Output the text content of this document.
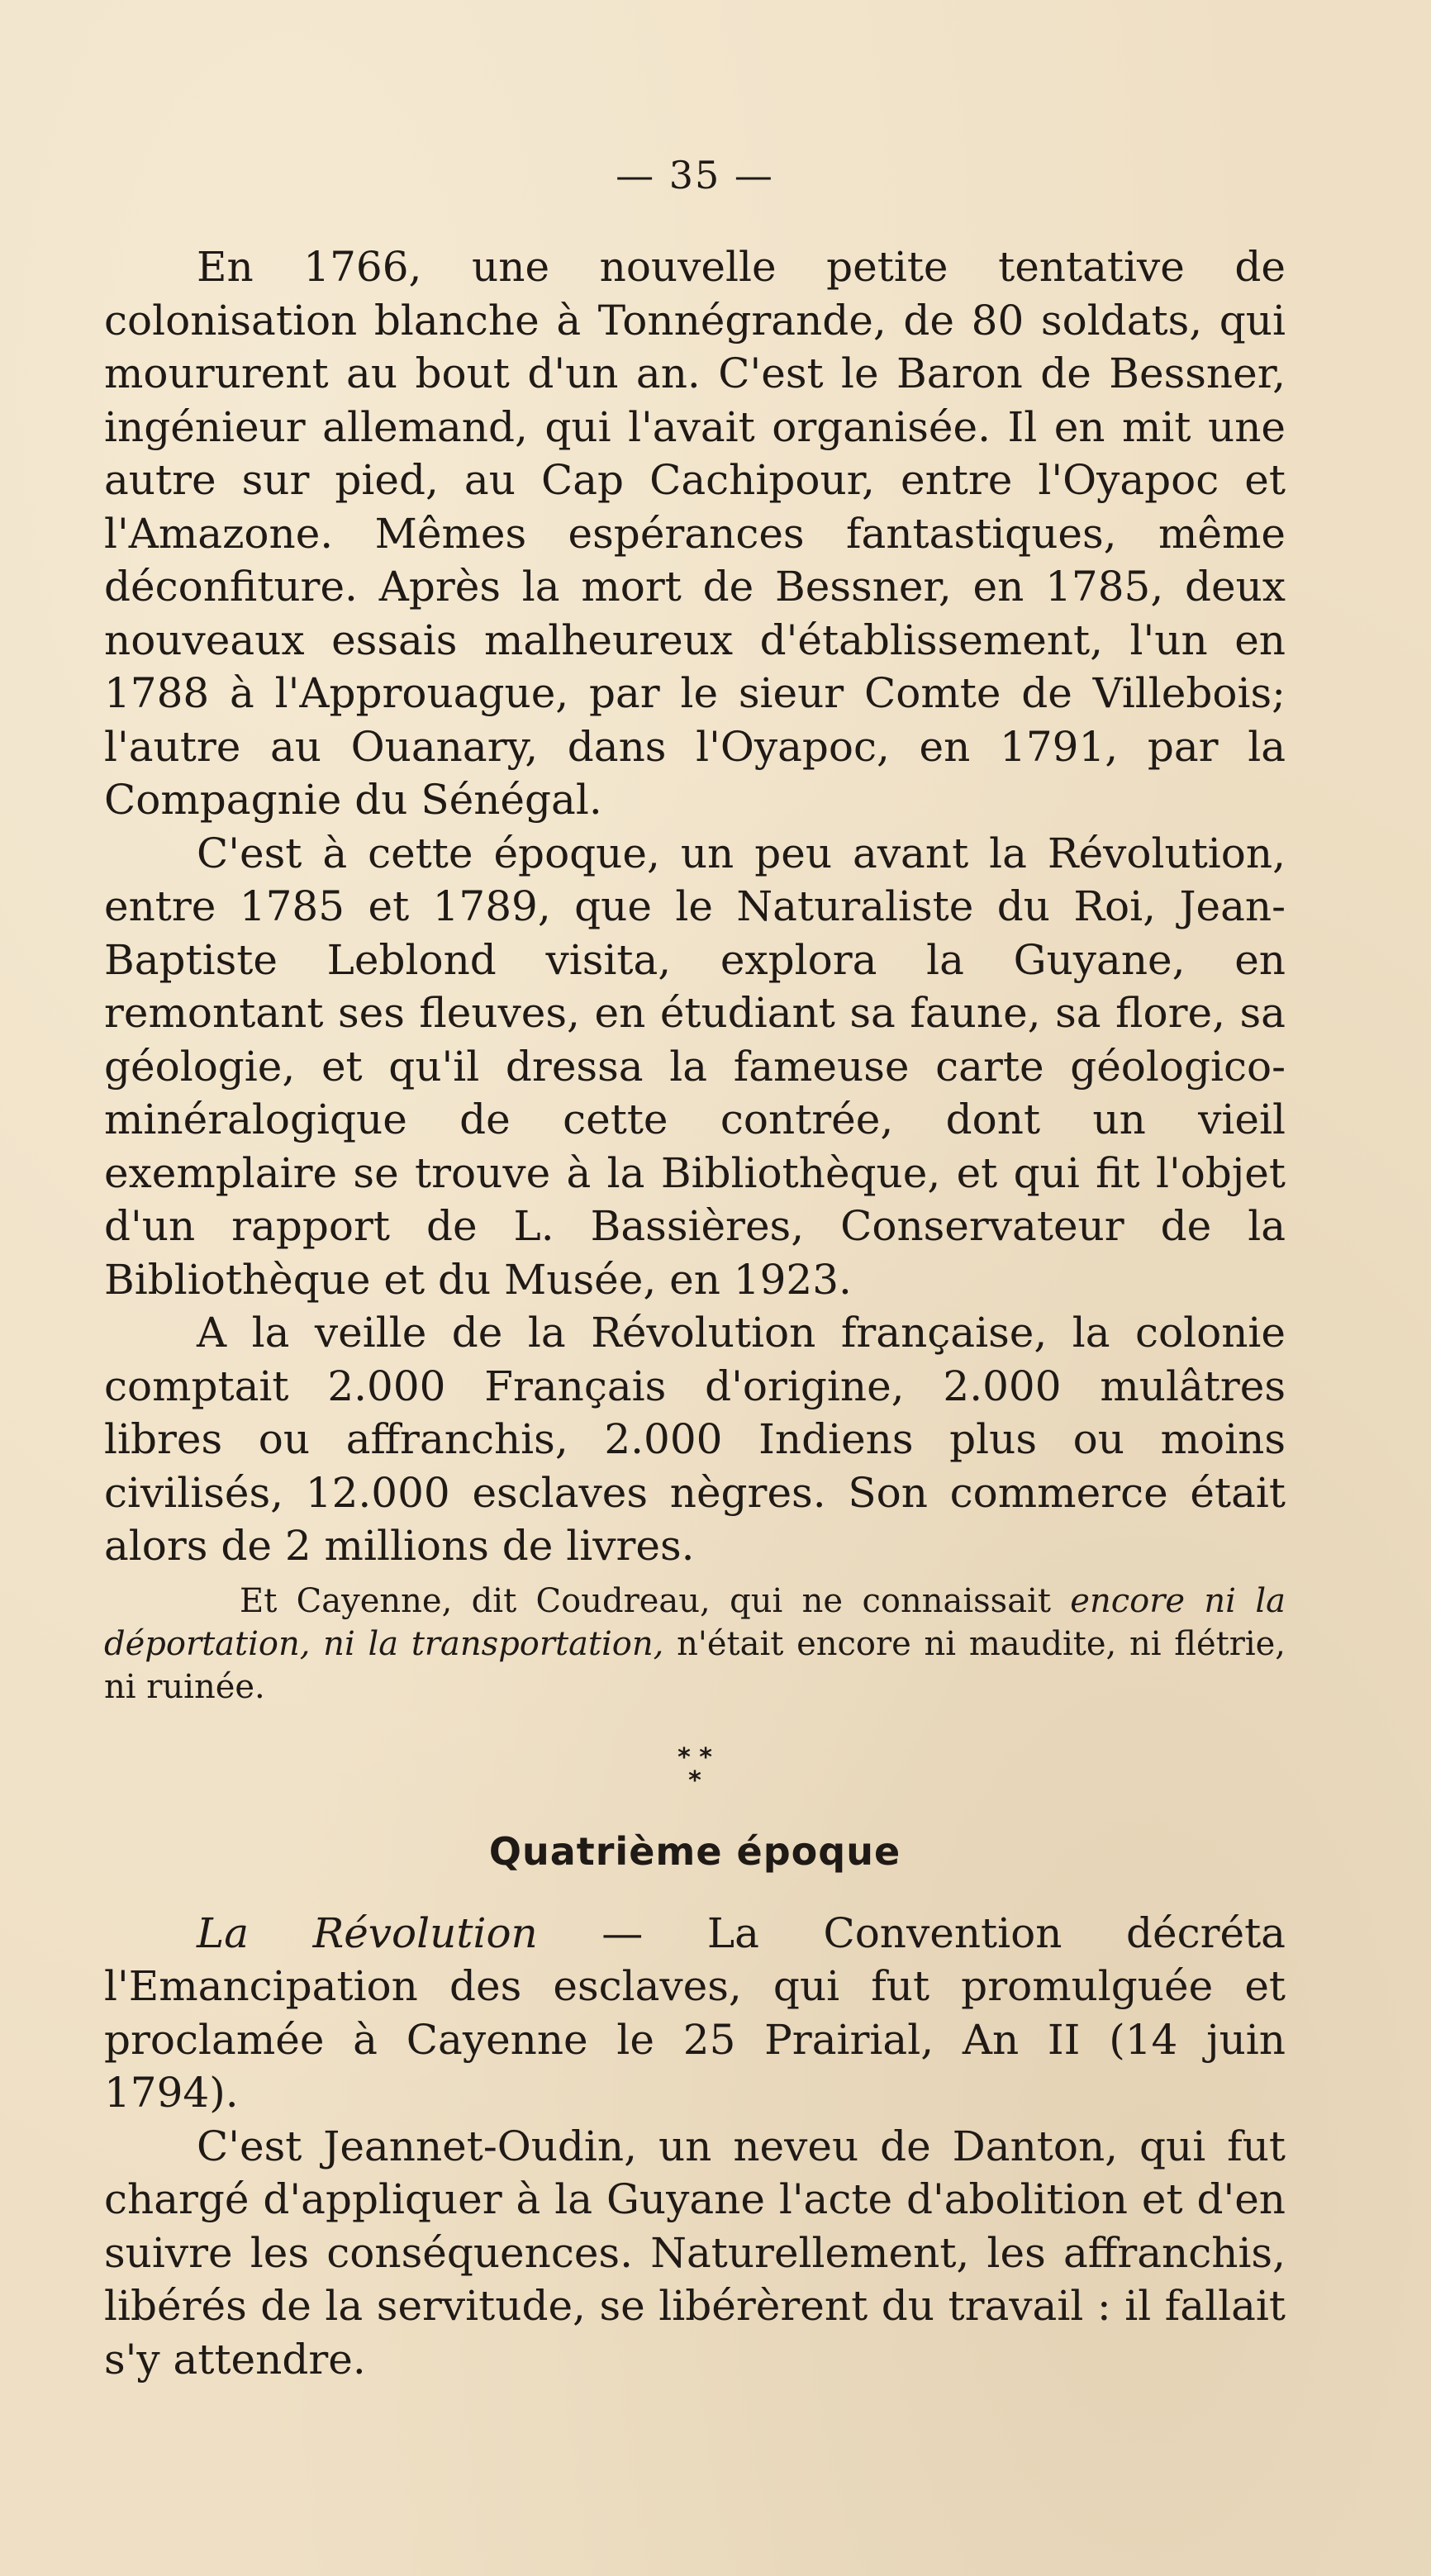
— 35 —

En 1766, une nouvelle petite tentative de colonisation blanche à Tonnégrande, de 80 soldats, qui moururent au bout d'un an. C'est le Baron de Bessner, ingénieur allemand, qui l'avait organisée. Il en mit une autre sur pied, au Cap Cachipour, entre l'Oyapoc et l'Amazone. Mêmes espérances fantastiques, même déconfiture. Après la mort de Bessner, en 1785, deux nouveaux essais malheureux d'établissement, l'un en 1788 à l'Approuague, par le sieur Comte de Villebois; l'autre au Ouanary, dans l'Oyapoc, en 1791, par la Compagnie du Sénégal.

C'est à cette époque, un peu avant la Révolution, entre 1785 et 1789, que le Naturaliste du Roi, Jean-Baptiste Leblond visita, explora la Guyane, en remontant ses fleuves, en étudiant sa faune, sa flore, sa géologie, et qu'il dressa la fameuse carte géologico-minéralogique de cette contrée, dont un vieil exemplaire se trouve à la Bibliothèque, et qui fit l'objet d'un rapport de L. Bassières, Conservateur de la Bibliothèque et du Musée, en 1923.

A la veille de la Révolution française, la colonie comptait 2.000 Français d'origine, 2.000 mulâtres libres ou affranchis, 2.000 Indiens plus ou moins civilisés, 12.000 esclaves nègres. Son commerce était alors de 2 millions de livres.

Et Cayenne, dit Coudreau, qui ne connaissait encore ni la déportation, ni la transportation, n'était encore ni maudite, ni flétrie, ni ruinée.

* *
*
Quatrième époque

La Révolution — La Convention décréta l'Emancipation des esclaves, qui fut promulguée et proclamée à Cayenne le 25 Prairial, An II (14 juin 1794).

C'est Jeannet-Oudin, un neveu de Danton, qui fut chargé d'appliquer à la Guyane l'acte d'abolition et d'en suivre les conséquences. Naturellement, les affranchis, libérés de la servitude, se libérèrent du travail : il fallait s'y attendre.
